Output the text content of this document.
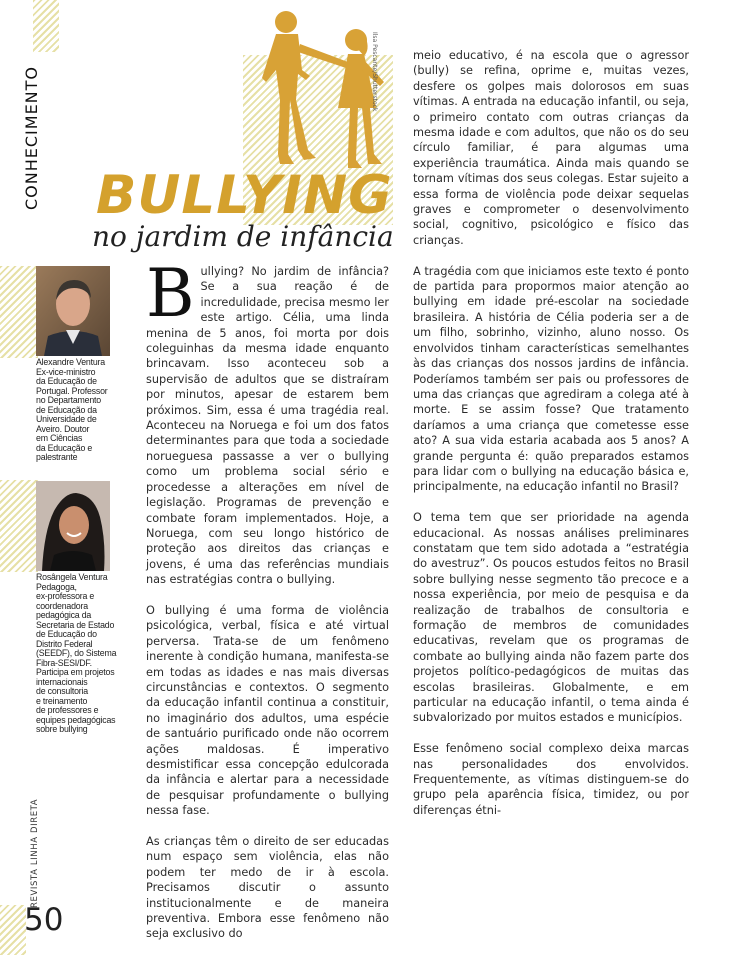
Ilsa Pescante/Shutterstock
CONHECIMENTO BULLYING
no jardim de infância
Alexandre Ventura
Ex-vice-ministro
da Educação de
Portugal. Professor
no Departamento
de Educação da
Universidade de
Aveiro. Doutor
em Ciências
da Educação e
palestrante
Rosângela Ventura
Pedagoga,
ex-professora e
coordenadora
pedagógica da
Secretaria de Estado
de Educação do
Distrito Federal
(SEEDF), do Sistema
Fibra-SESI/DF.
Participa em projetos
internacionais
de consultoria
e treinamento
de professores e
equipes pedagógicas
sobre bullying

Bullying? No jardim de infância? Se a sua reação é de incredulidade, precisa mesmo ler este artigo. Célia, uma linda menina de 5 anos, foi morta por dois coleguinhas da mesma idade enquanto brincavam. Isso aconteceu sob a supervisão de adultos que se distraíram por minutos, apesar de estarem bem próximos. Sim, essa é uma tragédia real. Aconteceu na Noruega e foi um dos fatos determinantes para que toda a sociedade norueguesa passasse a ver o bullying como um problema social sério e procedesse a alterações em nível de legislação. Programas de prevenção e combate foram implementados. Hoje, a Noruega, com seu longo histórico de proteção aos direitos das crianças e jovens, é uma das referências mundiais nas estratégias contra o bullying.

O bullying é uma forma de violência psicológica, verbal, física e até virtual perversa. Trata-se de um fenômeno inerente à condição humana, manifesta-se em todas as idades e nas mais diversas circunstâncias e contextos. O segmento da educação infantil continua a constituir, no imaginário dos adultos, uma espécie de santuário purificado onde não ocorrem ações maldosas. É imperativo desmistificar essa concepção edulcorada da infância e alertar para a necessidade de pesquisar profundamente o bullying nessa fase.

As crianças têm o direito de ser educadas num espaço sem violência, elas não podem ter medo de ir à escola. Precisamos discutir o assunto institucionalmente e de maneira preventiva. Embora esse fenômeno não seja exclusivo do

meio educativo, é na escola que o agressor (bully) se refina, oprime e, muitas vezes, desfere os golpes mais dolorosos em suas vítimas. A entrada na educação infantil, ou seja, o primeiro contato com outras crianças da mesma idade e com adultos, que não os do seu círculo familiar, é para algumas uma experiência traumática. Ainda mais quando se tornam vítimas dos seus colegas. Estar sujeito a essa forma de violência pode deixar sequelas graves e comprometer o desenvolvimento social, cognitivo, psicológico e físico das crianças.

A tragédia com que iniciamos este texto é ponto de partida para propormos maior atenção ao bullying em idade pré-escolar na sociedade brasileira. A história de Célia poderia ser a de um filho, sobrinho, vizinho, aluno nosso. Os envolvidos tinham características semelhantes às das crianças dos nossos jardins de infância. Poderíamos também ser pais ou professores de uma das crianças que agrediram a colega até à morte. E se assim fosse? Que tratamento daríamos a uma criança que cometesse esse ato? A sua vida estaria acabada aos 5 anos? A grande pergunta é: quão preparados estamos para lidar com o bullying na educação básica e, principalmente, na educação infantil no Brasil?

O tema tem que ser prioridade na agenda educacional. As nossas análises preliminares constatam que tem sido adotada a “estratégia do avestruz”. Os poucos estudos feitos no Brasil sobre bullying nesse segmento tão precoce e a nossa experiência, por meio de pesquisa e da realização de trabalhos de consultoria e formação de membros de comunidades educativas, revelam que os programas de combate ao bullying ainda não fazem parte dos projetos político-pedagógicos de muitas das escolas brasileiras. Globalmente, e em particular na educação infantil, o tema ainda é subvalorizado por muitos estados e municípios.

Esse fenômeno social complexo deixa marcas nas personalidades dos envolvidos. Frequentemente, as vítimas distinguem-se do grupo pela aparência física, timidez, ou por diferenças étni-

REVISTA LINHA DIRETA
50
